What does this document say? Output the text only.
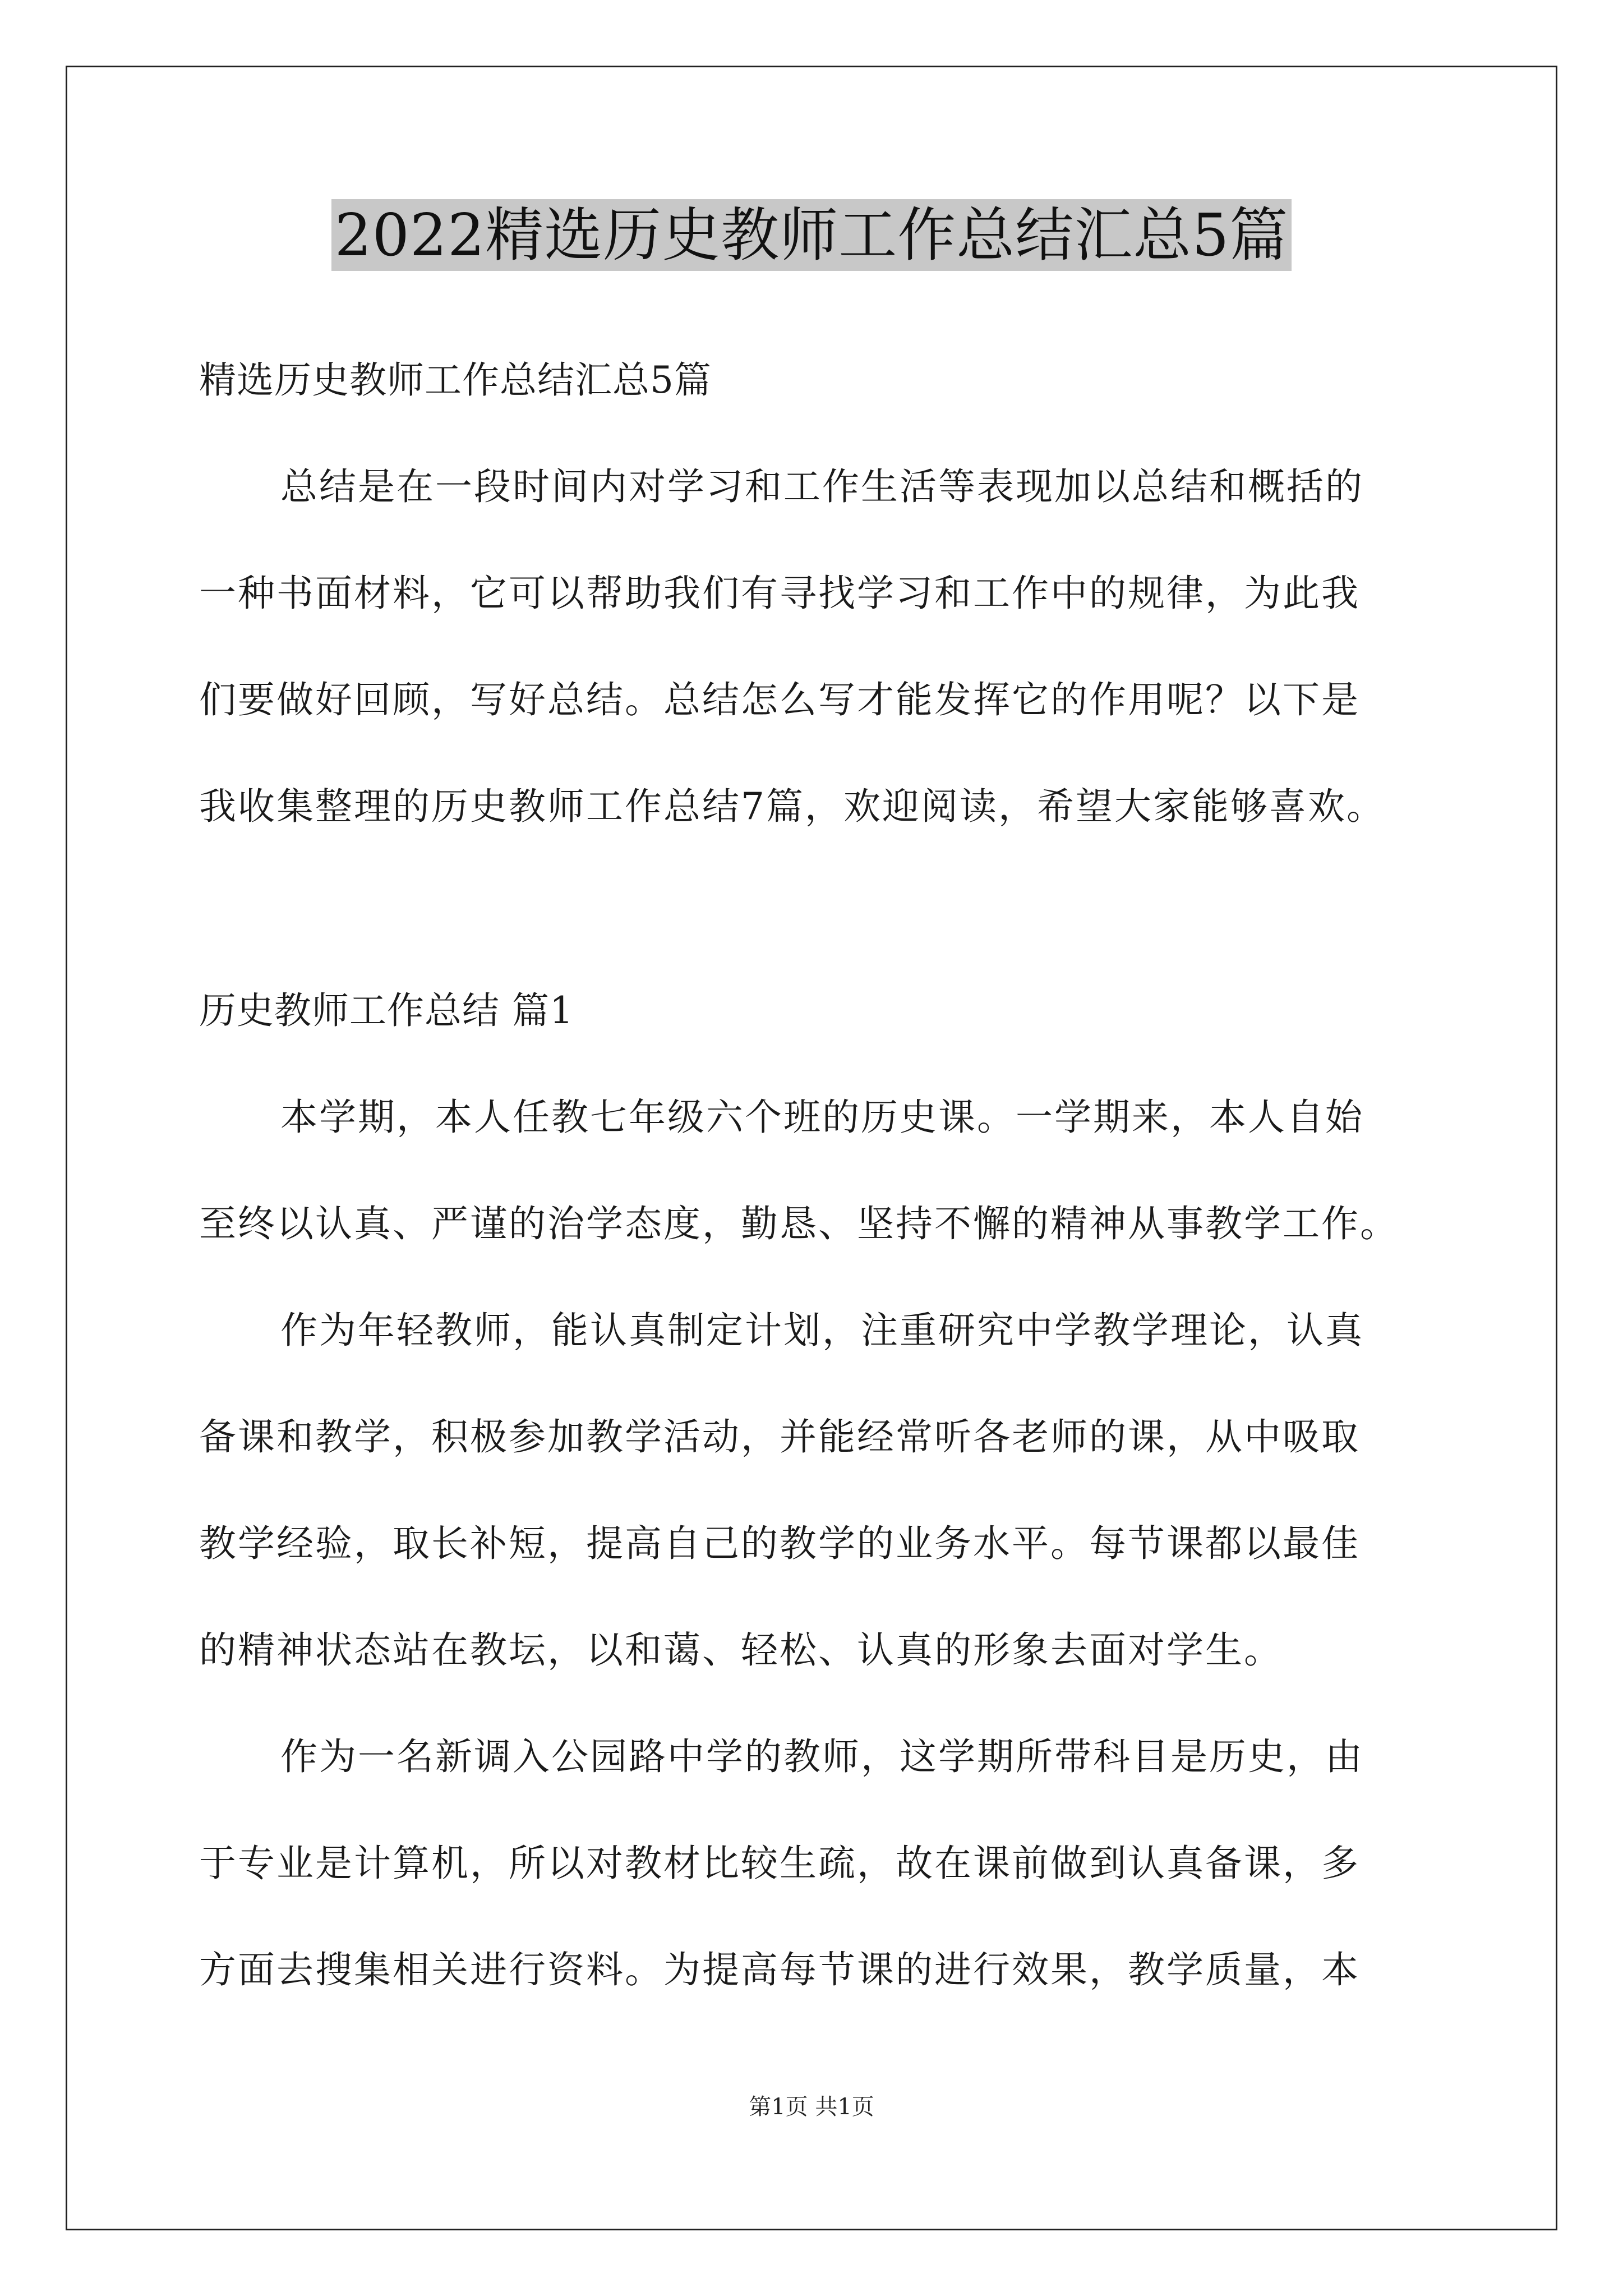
2022精选历史教师工作总结汇总5篇
精选历史教师工作总结汇总5篇
总结是在一段时间内对学习和工作生活等表现加以总结和概括的
一种书面材料，它可以帮助我们有寻找学习和工作中的规律，为此我
们要做好回顾，写好总结。总结怎么写才能发挥它的作用呢？以下是
我收集整理的历史教师工作总结7篇，欢迎阅读，希望大家能够喜欢。
历史教师工作总结 篇1
本学期，本人任教七年级六个班的历史课。一学期来，本人自始
至终以认真、严谨的治学态度，勤恳、坚持不懈的精神从事教学工作。
作为年轻教师，能认真制定计划，注重研究中学教学理论，认真
备课和教学，积极参加教学活动，并能经常听各老师的课，从中吸取
教学经验，取长补短，提高自己的教学的业务水平。每节课都以最佳
的精神状态站在教坛，以和蔼、轻松、认真的形象去面对学生。
作为一名新调入公园路中学的教师，这学期所带科目是历史，由
于专业是计算机，所以对教材比较生疏，故在课前做到认真备课，多
方面去搜集相关进行资料。为提高每节课的进行效果，教学质量，本
第1页 共1页
